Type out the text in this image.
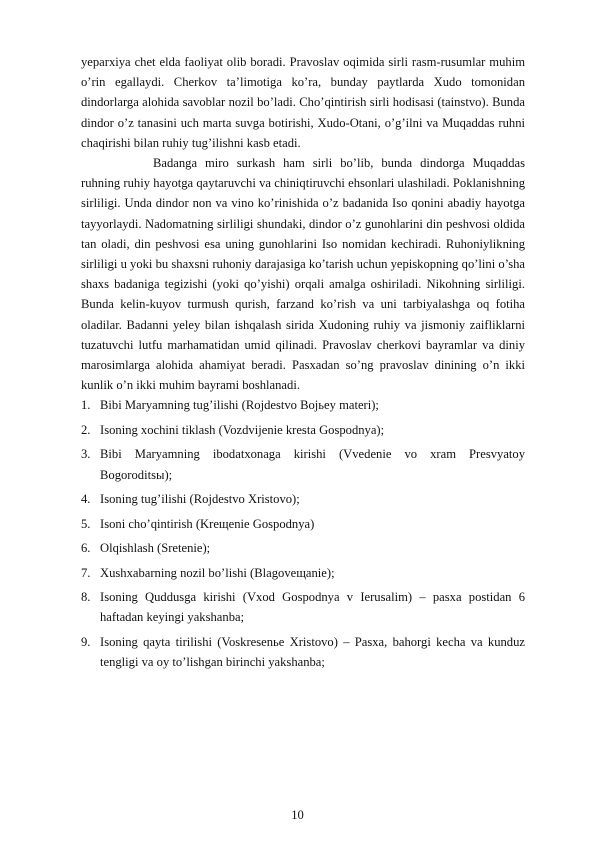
yeparxiya chet elda faoliyat olib boradi. Pravoslav oqimida sirli rasm-rusumlar muhim o’rin egallaydi. Cherkov ta’limotiga ko’ra, bunday paytlarda Xudo tomonidan dindorlarga alohida savoblar nozil bo’ladi. Cho’qintirish sirli hodisasi (tainstvo). Bunda dindor o’z tanasini uch marta suvga botirishi, Xudo-Otani, o’g’ilni va Muqaddas ruhni chaqirishi bilan ruhiy tug’ilishni kasb etadi.

Badanga miro surkash ham sirli bo’lib, bunda dindorga Muqaddas ruhning ruhiy hayotga qaytaruvchi va chiniqtiruvchi ehsonlari ulashiladi. Poklanishning sirliligi. Unda dindor non va vino ko’rinishida o’z badanida Iso qonini abadiy hayotga tayyorlaydi. Nadomatning sirliligi shundaki, dindor o’z gunohlarini din peshvosi oldida tan oladi, din peshvosi esa uning gunohlarini Iso nomidan kechiradi. Ruhoniylikning sirliligi u yoki bu shaxsni ruhoniy darajasiga ko’tarish uchun yepiskopning qo’lini o’sha shaxs badaniga tegizishi (yoki qo’yishi) orqali amalga oshiriladi. Nikohning sirliligi. Bunda kelin-kuyov turmush qurish, farzand ko’rish va uni tarbiyalashga oq fotiha oladilar. Badanni yeley bilan ishqalash sirida Xudoning ruhiy va jismoniy zaifliklarni tuzatuvchi lutfu marhamatidan umid qilinadi. Pravoslav cherkovi bayramlar va diniy marosimlarga alohida ahamiyat beradi. Pasxadan so’ng pravoslav dinining o’n ikki kunlik o’n ikki muhim bayrami boshlanadi.

1. Bibi Maryamning tug’ilishi (Rojdestvo Bojьey materi);
2. Isoning xochini tiklash (Vozdvijenie kresta Gospodnya);
3. Bibi Maryamning ibodatxonaga kirishi (Vvedenie vo xram Presvyatoy Bogoroditsы);
4. Isoning tug’ilishi (Rojdestvo Xristovo);
5. Isoni cho’qintirish (Krещenie Gospodnya)
6. Olqishlash (Sretenie);
7. Xushxabarning nozil bo’lishi (Blagoveщanie);
8. Isoning Quddusga kirishi (Vxod Gospodnya v Ierusalim) – pasxa postidan 6 haftadan keyingi yakshanba;
9. Isoning qayta tirilishi (Voskresenьe Xristovo) – Pasxa, bahorgi kecha va kunduz tengligi va oy to’lishgan birinchi yakshanba;
10
